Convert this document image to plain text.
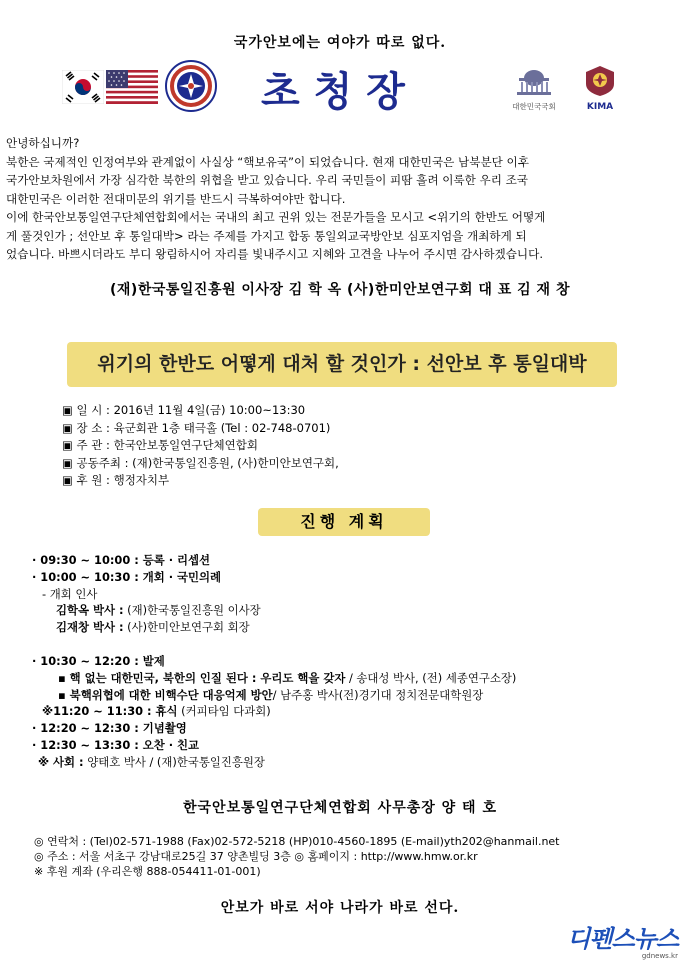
국가안보에는 여야가 따로 없다.
초청장	대한민국국회	KIMA

안녕하십니까?

북한은 국제적인 인정여부와 관계없이 사실상 “핵보유국”이 되었습니다. 현재 대한민국은 남북분단 이후

국가안보차원에서 가장 심각한 북한의 위협을 받고 있습니다. 우리 국민들이 피땀 흘려 이룩한 우리 조국

대한민국은 이러한 전대미문의 위기를 반드시 극복하여야만 합니다.

이에 한국안보통일연구단체연합회에서는 국내의 최고 권위 있는 전문가들을 모시고 <위기의 한반도 어떻게

게 풀것인가 ; 선안보 후 통일대박> 라는 주제를 가지고 합동 통일외교국방안보 심포지엄을 개최하게 되

었습니다. 바쁘시더라도 부디 왕림하시어 자리를 빛내주시고 지혜와 고견을 나누어 주시면 감사하겠습니다.

(재)한국통일진흥원 이사장 김 학 옥 (사)한미안보연구회 대 표 김 재 창
위기의 한반도 어떻게 대처 할 것인가 : 선안보 후 통일대박
▣ 일 시 : 2016년 11월 4일(금) 10:00~13:30
▣ 장 소 : 육군회관 1층 태극홀 (Tel : 02-748-0701)
▣ 주 관 : 한국안보통일연구단체연합회
▣ 공동주최 : (재)한국통일진흥원, (사)한미안보연구회,
▣ 후 원 : 행정자치부
진행 계획
· 09:30 ~ 10:00 : 등록 · 리셉션
· 10:00 ~ 10:30 : 개회 · 국민의례
- 개회 인사
김학옥 박사 : (재)한국통일진흥원 이사장
김재창 박사 : (사)한미안보연구회 회장
· 10:30 ~ 12:20 : 발제
▪ 핵 없는 대한민국, 북한의 인질 된다 : 우리도 핵을 갖자 / 송대성 박사, (전) 세종연구소장)
▪ 북핵위협에 대한 비핵수단 대응억제 방안/ 남주홍 박사(전)경기대 정치전문대학원장
※11:20 ~ 11:30 : 휴식 (커피타임 다과회)
· 12:20 ~ 12:30 : 기념촬영
· 12:30 ~ 13:30 : 오찬 · 친교
※ 사회 : 양태호 박사 / (재)한국통일진흥원장
한국안보통일연구단체연합회 사무총장 양 태 호
◎ 연락처 : (Tel)02-571-1988 (Fax)02-572-5218 (HP)010-4560-1895 (E-mail)yth202@hanmail.net
◎ 주소 : 서울 서초구 강남대로25길 37 양촌빌딩 3층 ◎ 홈페이지 : http://www.hmw.or.kr
※ 후원 계좌 (우리은행 888-054411-01-001)
안보가 바로 서야 나라가 바로 선다.
디펜스뉴스
gdnews.kr
